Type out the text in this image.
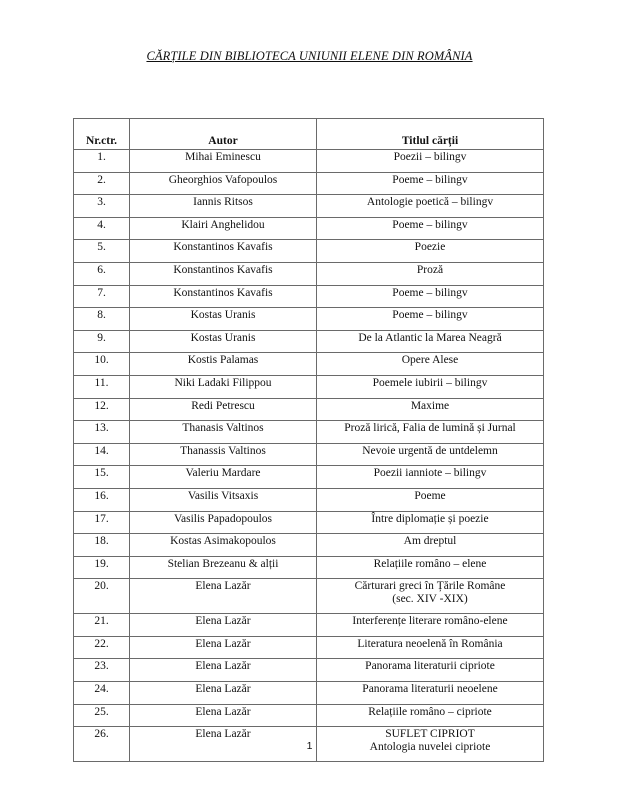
CĂRȚILE DIN BIBLIOTECA UNIUNII ELENE DIN ROMÂNIA
Nr.ctr.	Autor	Titlul cărții
1.	Mihai Eminescu	Poezii – bilingv

2.	Gheorghios Vafopoulos	Poeme – bilingv

3.	Iannis Ritsos	Antologie poetică – bilingv

4.	Klairi Anghelidou	Poeme – bilingv

5.	Konstantinos Kavafis	Poezie

6.	Konstantinos Kavafis	Proză

7.	Konstantinos Kavafis	Poeme – bilingv

8.	Kostas Uranis	Poeme – bilingv

9.	Kostas Uranis	De la Atlantic la Marea Neagră

10.	Kostis Palamas	Opere Alese

11.	Niki Ladaki Filippou	Poemele iubirii – bilingv

12.	Redi Petrescu	Maxime

13.	Thanasis Valtinos	Proză lirică, Falia de lumină și Jurnal

14.	Thanassis Valtinos	Nevoie urgentă de untdelemn

15.	Valeriu Mardare	Poezii ianniote – bilingv

16.	Vasilis Vitsaxis	Poeme

17.	Vasilis Papadopoulos	Între diplomație și poezie

18.	Kostas Asimakopoulos	Am dreptul

19.	Stelian Brezeanu & alții	Relațiile româno – elene

20.	Elena Lazăr	Cărturari greci în Țările Române
(sec. XIV -XIX)

21.	Elena Lazăr	Interferențe literare româno-elene

22.	Elena Lazăr	Literatura neoelenă în România

23.	Elena Lazăr	Panorama literaturii cipriote

24.	Elena Lazăr	Panorama literaturii neoelene

25.	Elena Lazăr	Relațiile româno – cipriote

26.	Elena Lazăr	SUFLET CIPRIOT
Antologia nuvelei cipriote
1
